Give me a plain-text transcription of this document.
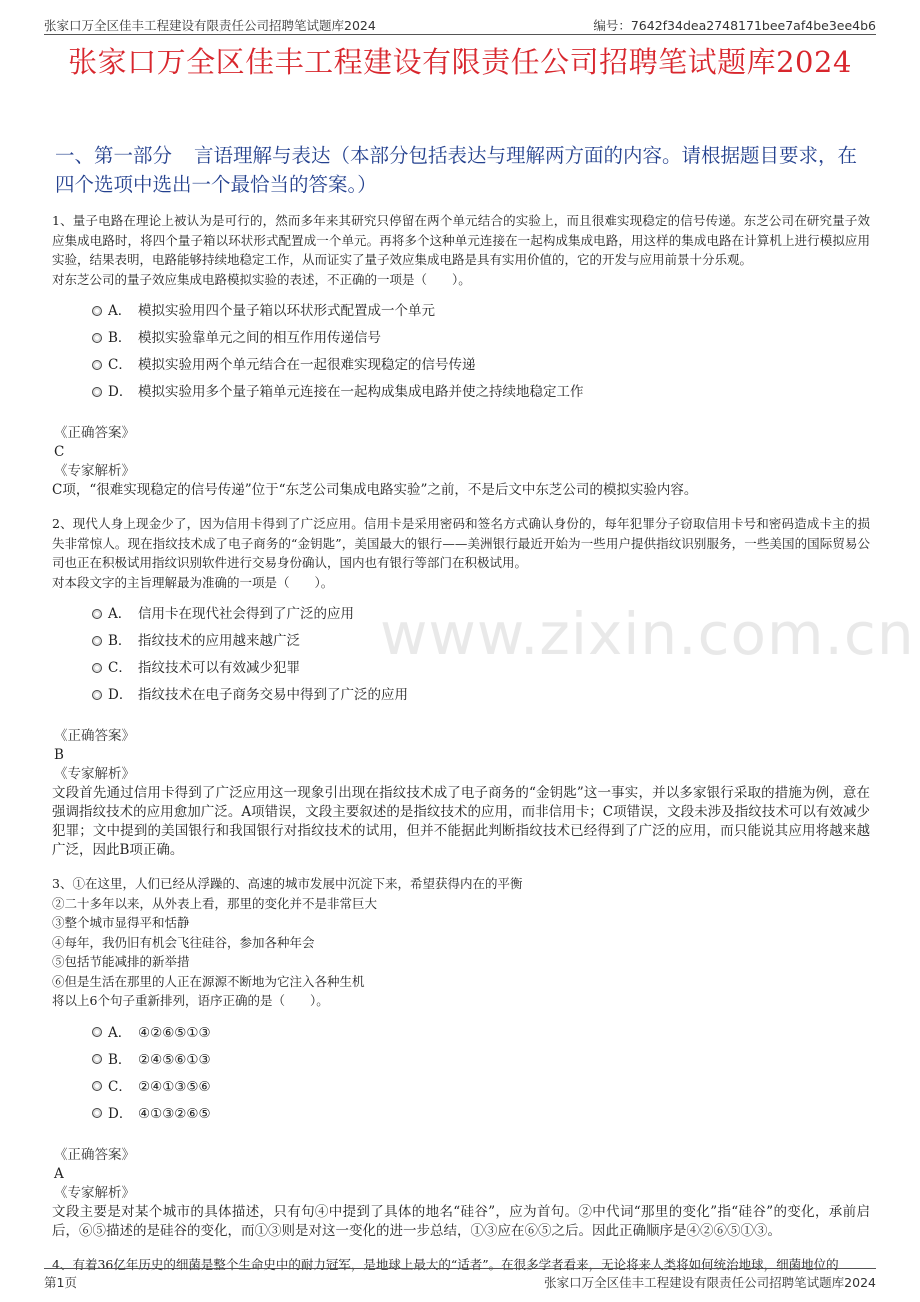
张家口万全区佳丰工程建设有限责任公司招聘笔试题库2024	编号：7642f34dea2748171bee7af4be3ee4b6
张家口万全区佳丰工程建设有限责任公司招聘笔试题库2024
www.zixin.com.cn
一、第一部分 言语理解与表达（本部分包括表达与理解两方面的内容。请根据题目要求，在四个选项中选出一个最恰当的答案。）

1、量子电路在理论上被认为是可行的，然而多年来其研究只停留在两个单元结合的实验上，而且很难实现稳定的信号传递。东芝公司在研究量子效应集成电路时，将四个量子箱以环状形式配置成一个单元。再将多个这种单元连接在一起构成集成电路，用这样的集成电路在计算机上进行模拟应用实验，结果表明，电路能够持续地稳定工作，从而证实了量子效应集成电路是具有实用价值的，它的开发与应用前景十分乐观。

对东芝公司的量子效应集成电路模拟实验的表述，不正确的一项是（　　）。

A． 模拟实验用四个量子箱以环状形式配置成一个单元
B． 模拟实验靠单元之间的相互作用传递信号
C． 模拟实验用两个单元结合在一起很难实现稳定的信号传递
D． 模拟实验用多个量子箱单元连接在一起构成集成电路并使之持续地稳定工作
《正确答案》
C
《专家解析》
C项，“很难实现稳定的信号传递”位于“东芝公司集成电路实验”之前，不是后文中东芝公司的模拟实验内容。

2、现代人身上现金少了，因为信用卡得到了广泛应用。信用卡是采用密码和签名方式确认身份的，每年犯罪分子窃取信用卡号和密码造成卡主的损失非常惊人。现在指纹技术成了电子商务的“金钥匙”，美国最大的银行——美洲银行最近开始为一些用户提供指纹识别服务，一些美国的国际贸易公司也正在积极试用指纹识别软件进行交易身份确认，国内也有银行等部门在积极试用。

对本段文字的主旨理解最为准确的一项是（　　）。

A． 信用卡在现代社会得到了广泛的应用
B． 指纹技术的应用越来越广泛
C． 指纹技术可以有效减少犯罪
D． 指纹技术在电子商务交易中得到了广泛的应用
《正确答案》
B
《专家解析》
文段首先通过信用卡得到了广泛应用这一现象引出现在指纹技术成了电子商务的“金钥匙”这一事实，并以多家银行采取的措施为例，意在强调指纹技术的应用愈加广泛。A项错误，文段主要叙述的是指纹技术的应用，而非信用卡；C项错误，文段未涉及指纹技术可以有效减少犯罪；文中提到的美国银行和我国银行对指纹技术的试用，但并不能据此判断指纹技术已经得到了广泛的应用，而只能说其应用将越来越广泛，因此B项正确。

3、①在这里，人们已经从浮躁的、高速的城市发展中沉淀下来，希望获得内在的平衡

②二十多年以来，从外表上看，那里的变化并不是非常巨大

③整个城市显得平和恬静

④每年，我仍旧有机会飞往硅谷，参加各种年会

⑤包括节能减排的新举措

⑥但是生活在那里的人正在源源不断地为它注入各种生机

将以上6个句子重新排列，语序正确的是（　　）。

A． ④②⑥⑤①③
B． ②④⑤⑥①③
C． ②④①③⑤⑥
D． ④①③②⑥⑤
《正确答案》
A
《专家解析》
文段主要是对某个城市的具体描述，只有句④中提到了具体的地名“硅谷”，应为首句。②中代词“那里的变化”指“硅谷”的变化，承前启后，⑥⑤描述的是硅谷的变化，而①③则是对这一变化的进一步总结，①③应在⑥⑤之后。因此正确顺序是④②⑥⑤①③。

4、有着36亿年历史的细菌是整个生命史中的耐力冠军，是地球上最大的“适者”。在很多学者看来，无论将来人类将如何统治地球，细菌地位的

第1页	张家口万全区佳丰工程建设有限责任公司招聘笔试题库2024
